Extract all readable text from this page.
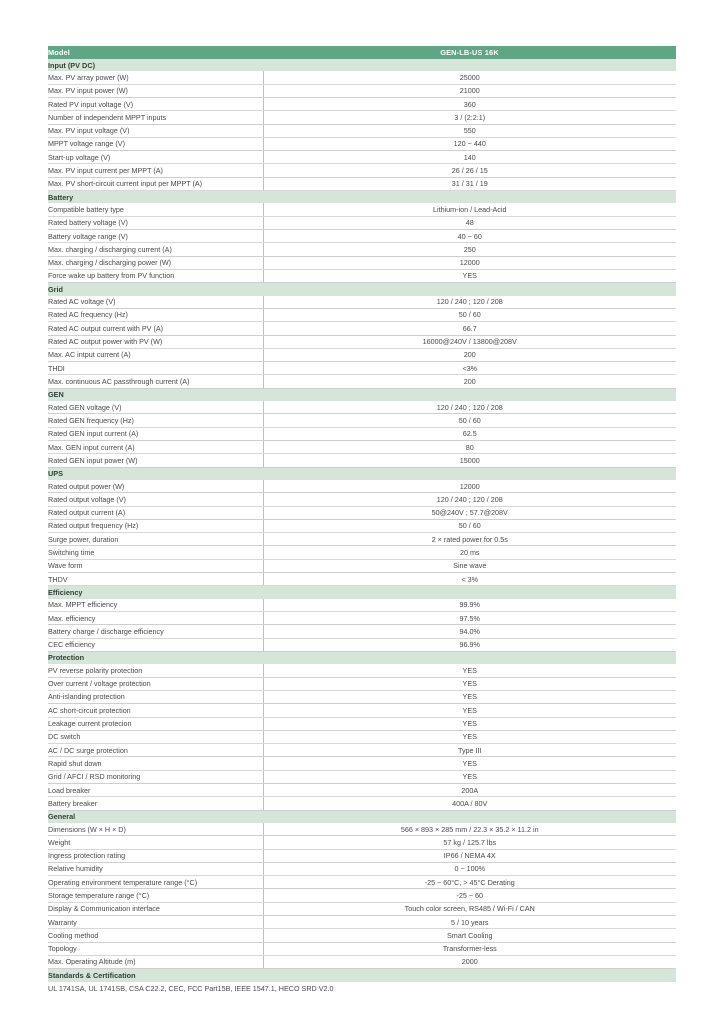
Model	GEN-LB-US 16K
Input (PV DC)	
Max. PV array power (W)	25000
Max. PV input power (W)	21000
Rated PV input voltage (V)	360
Number of independent MPPT inputs	3 / (2:2:1)
Max. PV input voltage (V)	550
MPPT voltage range (V)	120 ~ 440
Start-up voltage (V)	140
Max. PV input current per MPPT (A)	26 / 26 / 15
Max. PV short-circuit current input per MPPT (A)	31 / 31 / 19
Battery	
Compatible battery type	Lithium-ion / Lead-Acid
Rated battery voltage (V)	48
Battery voltage range (V)	40 ~ 60
Max. charging / discharging current (A)	250
Max. charging / discharging power (W)	12000
Force wake up battery from PV function	YES
Grid	
Rated AC voltage (V)	120 / 240 ; 120 / 208
Rated AC frequency (Hz)	50 / 60
Rated AC output current with PV (A)	66.7
Rated AC output power with PV (W)	16000@240V / 13800@208V
Max. AC intput current (A)	200
THDI	<3%
Max. continuous AC passthrough current (A)	200
GEN	
Rated GEN voltage (V)	120 / 240 ; 120 / 208
Rated GEN frequency (Hz)	50 / 60
Rated GEN input current (A)	62.5
Max. GEN input current (A)	80
Rated GEN input power (W)	15000
UPS	
Rated output power (W)	12000
Rated output voltage (V)	120 / 240 ; 120 / 208
Rated output current (A)	50@240V ; 57.7@208V
Rated output frequency (Hz)	50 / 60
Surge power, duration	2 × rated power for 0.5s
Switching time	20 ms
Wave form	Sine wave
THDV	< 3%
Efficiency	
Max. MPPT efficiency	99.9%
Max. efficiency	97.5%
Battery charge / discharge efficiency	94.0%
CEC efficiency	96.9%
Protection	
PV reverse polarity protection	YES
Over current / voltage protection	YES
Anti-islanding protection	YES
AC short-circuit protection	YES
Leakage current protecion	YES
DC switch	YES
AC / DC surge protection	Type III
Rapid shut down	YES
Grid / AFCI / RSD monitoring	YES
Load breaker	200A
Battery breaker	400A / 80V
General	
Dimensions (W × H × D)	566 × 893 × 285 mm / 22.3 × 35.2 × 11.2 in
Weight	57 kg / 125.7 lbs
Ingress protection rating	IP66 / NEMA 4X
Relative humidity	0 ~ 100%
Operating environment temperature range (°C)	-25 ~ 60°C, > 45°C Derating
Storage temperature range (°C)	-25 ~ 60
Display & Communication interface	Touch color screen, RS485 / Wi-Fi / CAN
Warranty	5 / 10 years
Cooling method	Smart Cooling
Topology	Transformer-less
Max. Operating Altitude (m)	2000
Standards & Certification	
UL 1741SA, UL 1741SB, CSA C22.2, CEC, FCC Part15B, IEEE 1547.1, HECO SRD V2.0	
